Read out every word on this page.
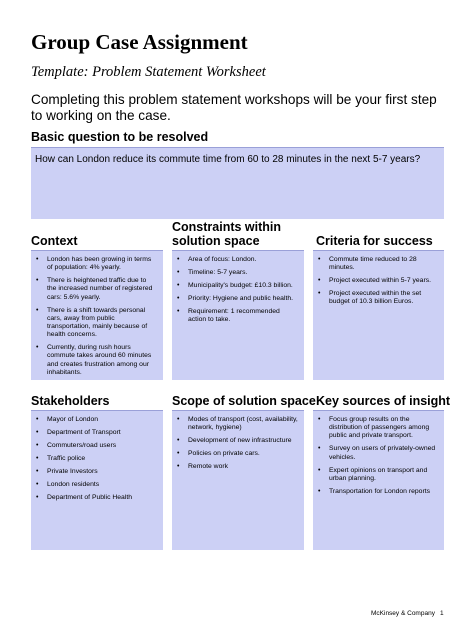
Group Case Assignment
Template: Problem Statement Worksheet
Completing this problem statement workshops will be your first step to working on the case.
Basic question to be resolved
How can London reduce its commute time from 60 to 28 minutes in the next 5-7 years?
Context
Constraints within
solution space	Criteria for success
• London has been growing in terms of population: 4% yearly.
• There is heightened traffic due to the increased number of registered cars: 5.6% yearly.
• There is a shift towards personal cars, away from public transportation, mainly because of health concerns.
• Currently, during rush hours commute takes around 60 minutes and creates frustration among our inhabitants.
• Area of focus: London.
• Timeline: 5-7 years.
• Municipality's budget: £10.3 billion.
• Priority: Hygiene and public health.
• Requirement: 1 recommended action to take.
• Commute time reduced to 28 minutes.
• Project executed within 5-7 years.
• Project executed within the set budget of 10.3 billion Euros.
Stakeholders	Scope of solution space Key sources of insight
• Mayor of London
• Department of Transport
• Commuters/road users
• Traffic police
• Private Investors
• London residents
• Department of Public Health
• Modes of transport (cost, availability, network, hygiene)
• Development of new infrastructure
• Policies on private cars.
• Remote work
• Focus group results on the distribution of passengers among public and private transport.
• Survey on users of privately-owned vehicles.
• Expert opinions on transport and urban planning.
• Transportation for London reports
McKinsey & Company 1
